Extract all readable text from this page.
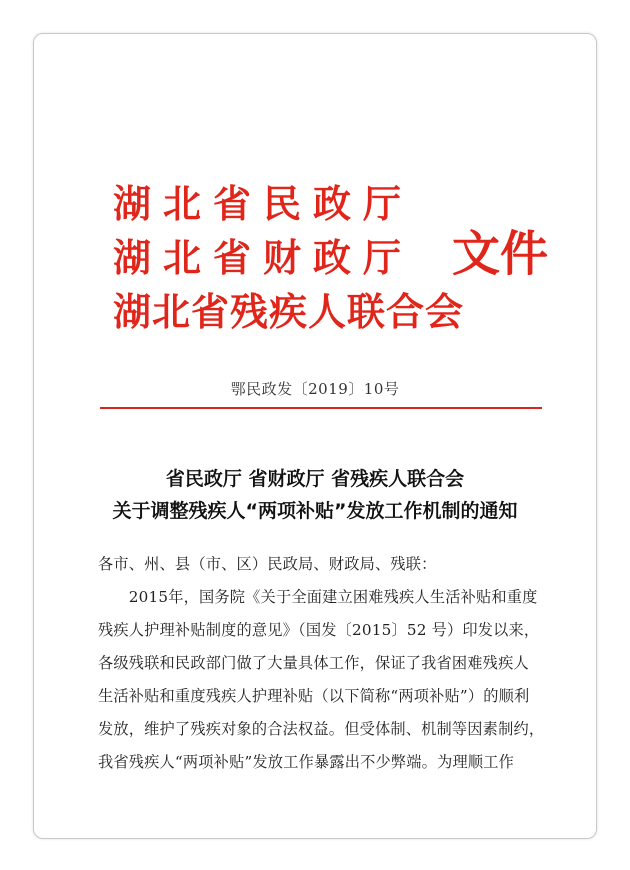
湖北省民政厅
湖北省财政厅
湖北省残疾人联合会
文件
鄂民政发〔2019〕10号
省民政厅 省财政厅 省残疾人联合会
关于调整残疾人“两项补贴”发放工作机制的通知
各市、州、县（市、区）民政局、财政局、残联：
　　2015年，国务院《关于全面建立困难残疾人生活补贴和重度
残疾人护理补贴制度的意见》（国发〔2015〕52 号）印发以来，
各级残联和民政部门做了大量具体工作，保证了我省困难残疾人
生活补贴和重度残疾人护理补贴（以下简称“两项补贴”）的顺利
发放，维护了残疾对象的合法权益。但受体制、机制等因素制约，
我省残疾人“两项补贴”发放工作暴露出不少弊端。为理顺工作
